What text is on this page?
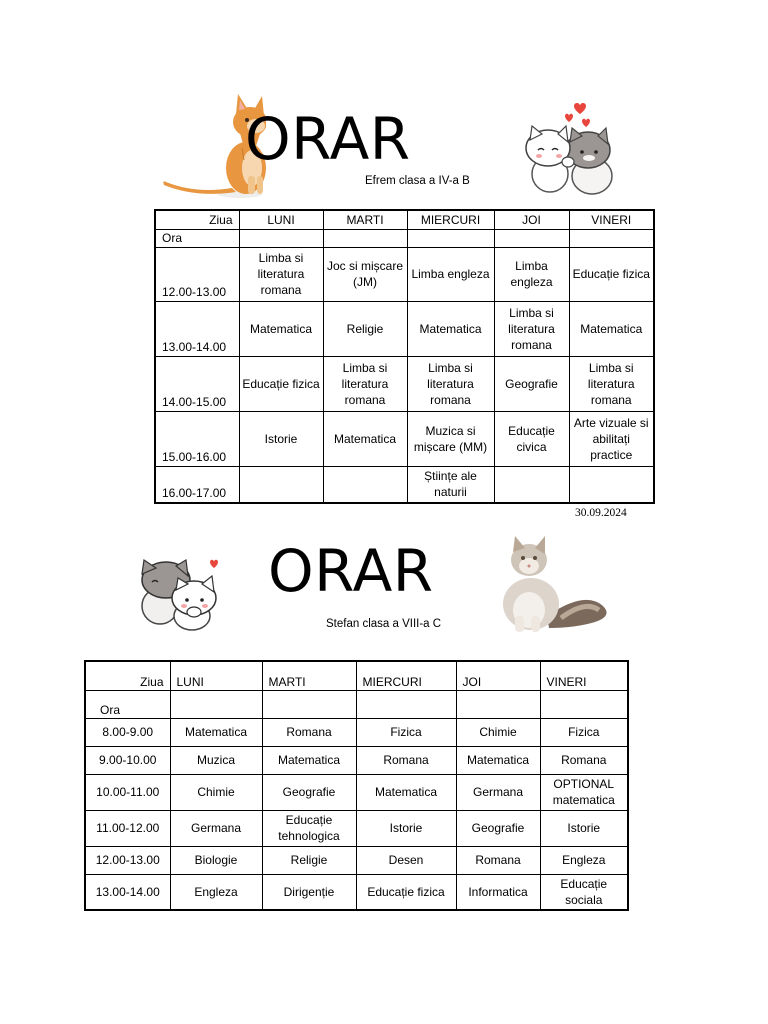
ORAR
Efrem clasa a IV-a B
Ziua	LUNI	MARTI	MIERCURI	JOI	VINERI
Ora					
12.00-13.00	Limba si literatura romana	Joc si mișcare (JM)	Limba engleza	Limba engleza	Educație fizica
13.00-14.00	Matematica	Religie	Matematica	Limba si literatura romana	Matematica
14.00-15.00	Educație fizica	Limba si literatura romana	Limba si literatura romana	Geografie	Limba si literatura romana
15.00-16.00	Istorie	Matematica	Muzica si mișcare (MM)	Educație civica	Arte vizuale si abilitați practice
16.00-17.00			Științe ale naturii		
30.09.2024
ORAR
Stefan clasa a VIII-a C
Ziua	LUNI	MARTI	MIERCURI	JOI	VINERI
Ora					
8.00-9.00	Matematica	Romana	Fizica	Chimie	Fizica
9.00-10.00	Muzica	Matematica	Romana	Matematica	Romana
10.00-11.00	Chimie	Geografie	Matematica	Germana	OPTIONAL matematica
11.00-12.00	Germana	Educație tehnologica	Istorie	Geografie	Istorie
12.00-13.00	Biologie	Religie	Desen	Romana	Engleza
13.00-14.00	Engleza	Dirigenție	Educație fizica	Informatica	Educație sociala
